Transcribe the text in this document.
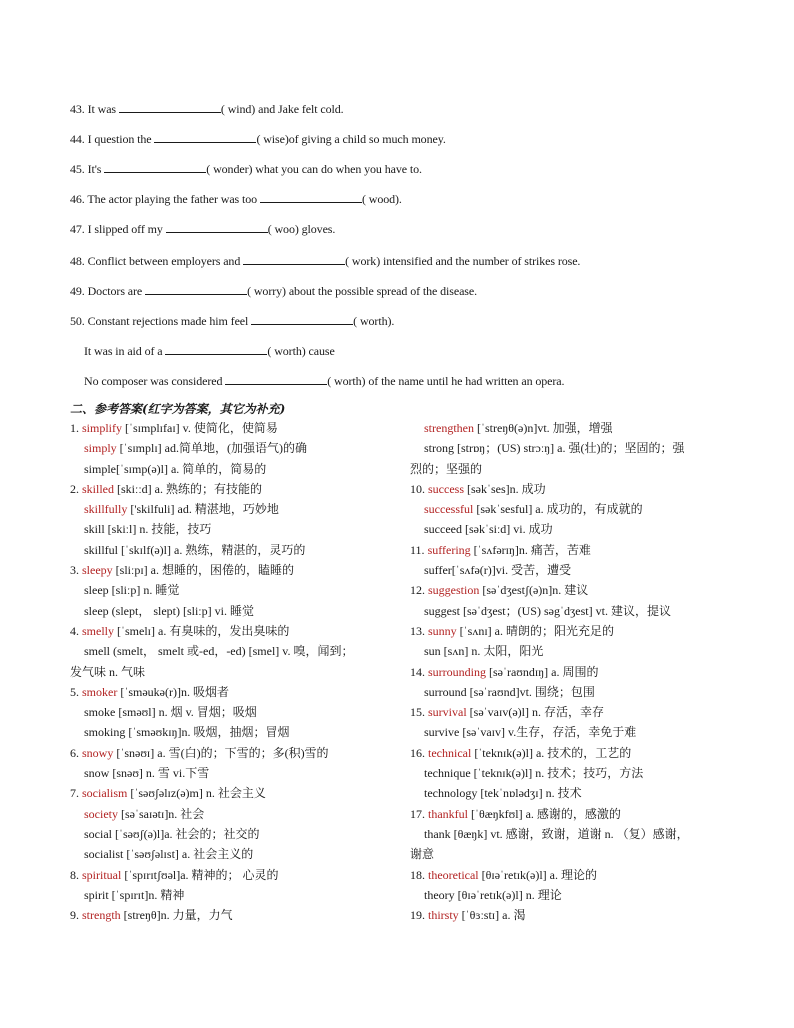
43. It was	( wind) and Jake felt cold.
44. I question the	( wise)of giving a child so much money.
45. It's	( wonder) what you can do when you have to.
46. The actor playing the father was too	( wood).
47. I slipped off my	( woo) gloves.
48. Conflict between employers and	( work) intensified and the number of strikes rose.
49. Doctors are	( worry) about the possible spread of the disease.
50. Constant rejections made him feel	( worth).
It was in aid of a	( worth) cause
No composer was considered	( worth) of the name until he had written an opera.
二、参考答案(红字为答案，其它为补充)
1. simplify [ˈsɪmplɪfaɪ] v. 使简化，使简易
simply [ˈsɪmplɪ] ad.简单地，(加强语气)的确
simple[ˈsɪmp(ə)l] a. 简单的，简易的
2. skilled [skiːːd] a. 熟练的；有技能的
skillfully ['skilfuli] ad. 精湛地，巧妙地
skill [skiːl] n. 技能，技巧
skillful [ˈskɪlf(ə)l] a. 熟练，精湛的，灵巧的
3. sleepy [sliːpɪ] a. 想睡的，困倦的，瞌睡的
sleep [sliːp] n. 睡觉
sleep (slept， slept) [sliːp] vi. 睡觉
4. smelly [ˈsmelɪ] a. 有臭味的，发出臭味的
smell (smelt， smelt 或-ed，-ed) [smel] v. 嗅，闻到；
发气味 n. 气味
5. smoker [ˈsməukə(r)]n. 吸烟者
smoke [sməʊl] n. 烟 v. 冒烟；吸烟
smoking [ˈsməʊkɪŋ]n. 吸烟，抽烟；冒烟
6. snowy [ˈsnəʊɪ] a. 雪(白)的；下雪的；多(积)雪的
snow [snəʊ] n. 雪 vi.下雪
7. socialism [ˈsəʊʃəlɪz(ə)m] n. 社会主义
society [səˈsaɪətɪ]n. 社会
social [ˈsəʊʃ(ə)l]a. 社会的；社交的
socialist [ˈsəʊʃəlɪst] a. 社会主义的
8. spiritual [ˈspɪrɪtʃʊəl]a. 精神的； 心灵的
spirit [ˈspɪrɪt]n. 精神
9. strength [streŋθ]n. 力量，力气
strengthen [ˈstreŋθ(ə)n]vt. 加强，增强
strong [strɒŋ；(US) strɔːŋ] a. 强(壮)的；坚固的；强
烈的；坚强的
10. success [səkˈses]n. 成功
successful [səkˈsesful] a. 成功的，有成就的
succeed [səkˈsiːd] vi. 成功
11. suffering [ˈsʌfərɪŋ]n. 痛苦，苦难
suffer[ˈsʌfə(r)]vi. 受苦，遭受
12. suggestion [səˈdʒestʃ(ə)n]n. 建议
suggest [səˈdʒest；(US) səgˈdʒest] vt. 建议，提议
13. sunny [ˈsʌnɪ] a. 晴朗的；阳光充足的
sun [sʌn] n. 太阳，阳光
14. surrounding [səˈraʊndɪŋ] a. 周围的
surround [səˈraʊnd]vt. 围绕；包围
15. survival [səˈvaɪv(ə)l] n. 存活，幸存
survive [səˈvaɪv] v.生存，存活，幸免于难
16. technical [ˈteknɪk(ə)l] a. 技术的，工艺的
technique [ˈteknɪk(ə)l] n. 技术；技巧，方法
technology [tekˈnɒlədʒɪ] n. 技术
17. thankful [ˈθæŋkfʊl] a. 感谢的，感激的
thank [θæŋk] vt. 感谢，致谢，道谢 n. （复）感谢，
谢意
18. theoretical [θɪəˈretɪk(ə)l] a. 理论的
theory [θɪəˈretɪk(ə)l] n. 理论
19. thirsty [ˈθɜːstɪ] a. 渴
